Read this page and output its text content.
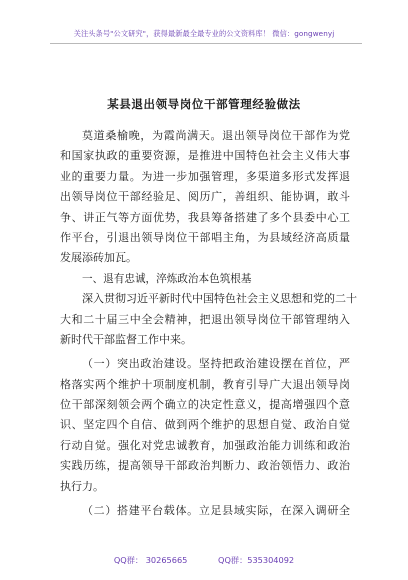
关注头条号"公文研究"，获得最新最全最专业的公文资料库！ 微信：gongwenyj
某县退出领导岗位干部管理经验做法
莫道桑榆晚，为霞尚满天。退出领导岗位干部作为党
和国家执政的重要资源，是推进中国特色社会主义伟大事
业的重要力量。为进一步加强管理，多渠道多形式发挥退
出领导岗位干部经验足、阅历广，善组织、能协调，敢斗
争、讲正气等方面优势，我县筹备搭建了多个县委中心工
作平台，引退出领导岗位干部唱主角，为县域经济高质量
发展添砖加瓦。
一、退有忠诚，淬炼政治本色筑根基
深入贯彻习近平新时代中国特色社会主义思想和党的二十
大和二十届三中全会精神，把退出领导岗位干部管理纳入
新时代干部监督工作中来。
（一）突出政治建设。坚持把政治建设摆在首位，严
格落实两个维护十项制度机制，教育引导广大退出领导岗
位干部深刻领会两个确立的决定性意义，提高增强四个意
识、坚定四个自信、做到两个维护的思想自觉、政治自觉
行动自觉。强化对党忠诚教育，加强政治能力训练和政治
实践历练，提高领导干部政治判断力、政治领悟力、政治
执行力。
（二）搭建平台载体。立足县域实际，在深入调研全
QQ群： 30265665	QQ群：535304092
